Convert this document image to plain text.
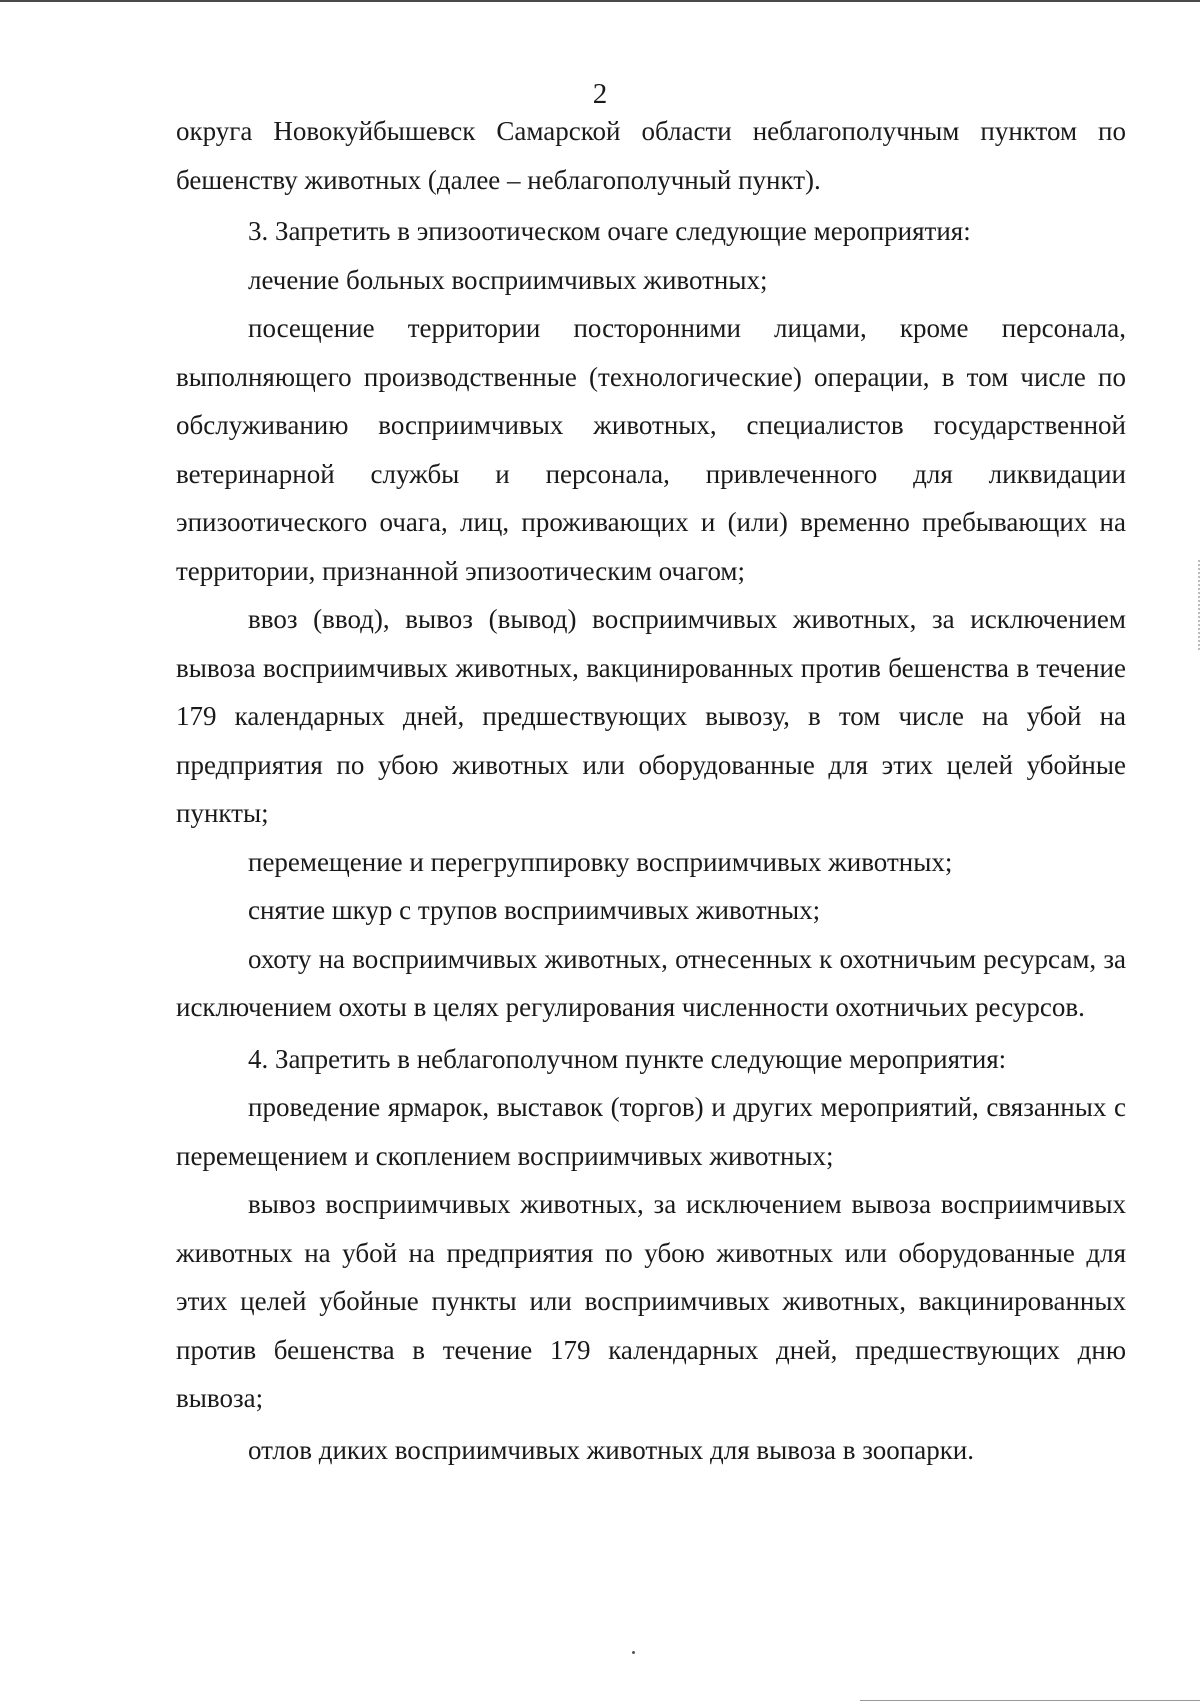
2

округа Новокуйбышевск Самарской области неблагополучным пунктом по бешенству животных (далее – неблагополучный пункт).

3. Запретить в эпизоотическом очаге следующие мероприятия:

лечение больных восприимчивых животных;

посещение территории посторонними лицами, кроме персонала, выполняющего производственные (технологические) операции, в том числе по обслуживанию восприимчивых животных, специалистов государственной ветеринарной службы и персонала, привлеченного для ликвидации эпизоотического очага, лиц, проживающих и (или) временно пребывающих на территории, признанной эпизоотическим очагом;

ввоз (ввод), вывоз (вывод) восприимчивых животных, за исключением вывоза восприимчивых животных, вакцинированных против бешенства в течение 179 календарных дней, предшествующих вывозу, в том числе на убой на предприятия по убою животных или оборудованные для этих целей убойные пункты;

перемещение и перегруппировку восприимчивых животных;

снятие шкур с трупов восприимчивых животных;

охоту на восприимчивых животных, отнесенных к охотничьим ресурсам, за исключением охоты в целях регулирования численности охотничьих ресурсов.

4. Запретить в неблагополучном пункте следующие мероприятия:

проведение ярмарок, выставок (торгов) и других мероприятий, связанных с перемещением и скоплением восприимчивых животных;

вывоз восприимчивых животных, за исключением вывоза восприимчивых животных на убой на предприятия по убою животных или оборудованные для этих целей убойные пункты или восприимчивых животных, вакцинированных против бешенства в течение 179 календарных дней, предшествующих дню вывоза;

отлов диких восприимчивых животных для вывоза в зоопарки.
